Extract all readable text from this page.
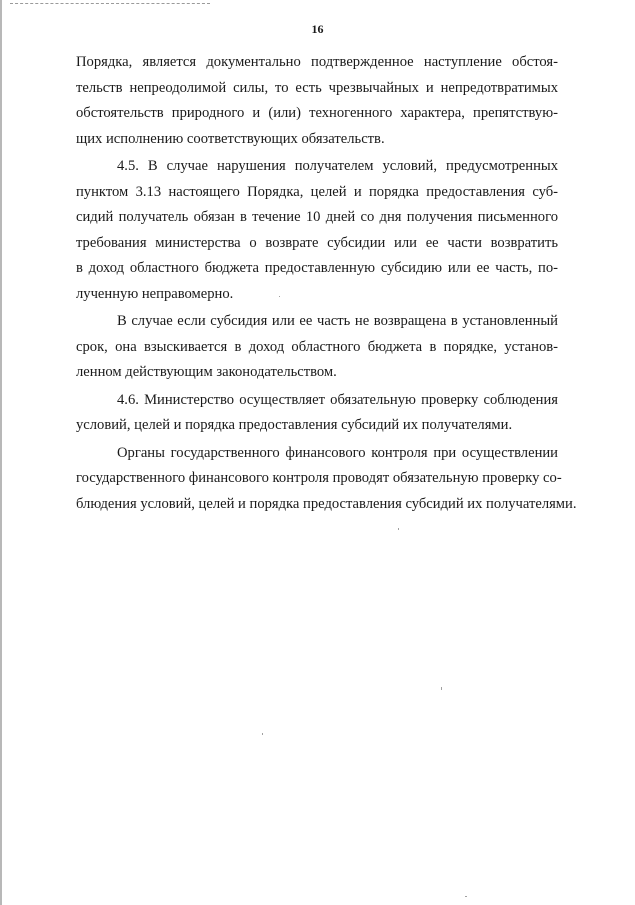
16
Порядка, является документально подтвержденное наступление обстоя-
тельств непреодолимой силы, то есть чрезвычайных и непредотвратимых
обстоятельств природного и (или) техногенного характера, препятствую-
щих исполнению соответствующих обязательств.
4.5. В случае нарушения получателем условий, предусмотренных
пунктом 3.13 настоящего Порядка, целей и порядка предоставления суб-
сидий получатель обязан в течение 10 дней со дня получения письменного
требования министерства о возврате субсидии или ее части возвратить
в доход областного бюджета предоставленную субсидию или ее часть, по-
лученную неправомерно.
В случае если субсидия или ее часть не возвращена в установленный
срок, она взыскивается в доход областного бюджета в порядке, установ-
ленном действующим законодательством.
4.6. Министерство осуществляет обязательную проверку соблюдения
условий, целей и порядка предоставления субсидий их получателями.
Органы государственного финансового контроля при осуществлении
государственного финансового контроля проводят обязательную проверку со-
блюдения условий, целей и порядка предоставления субсидий их получателями.
